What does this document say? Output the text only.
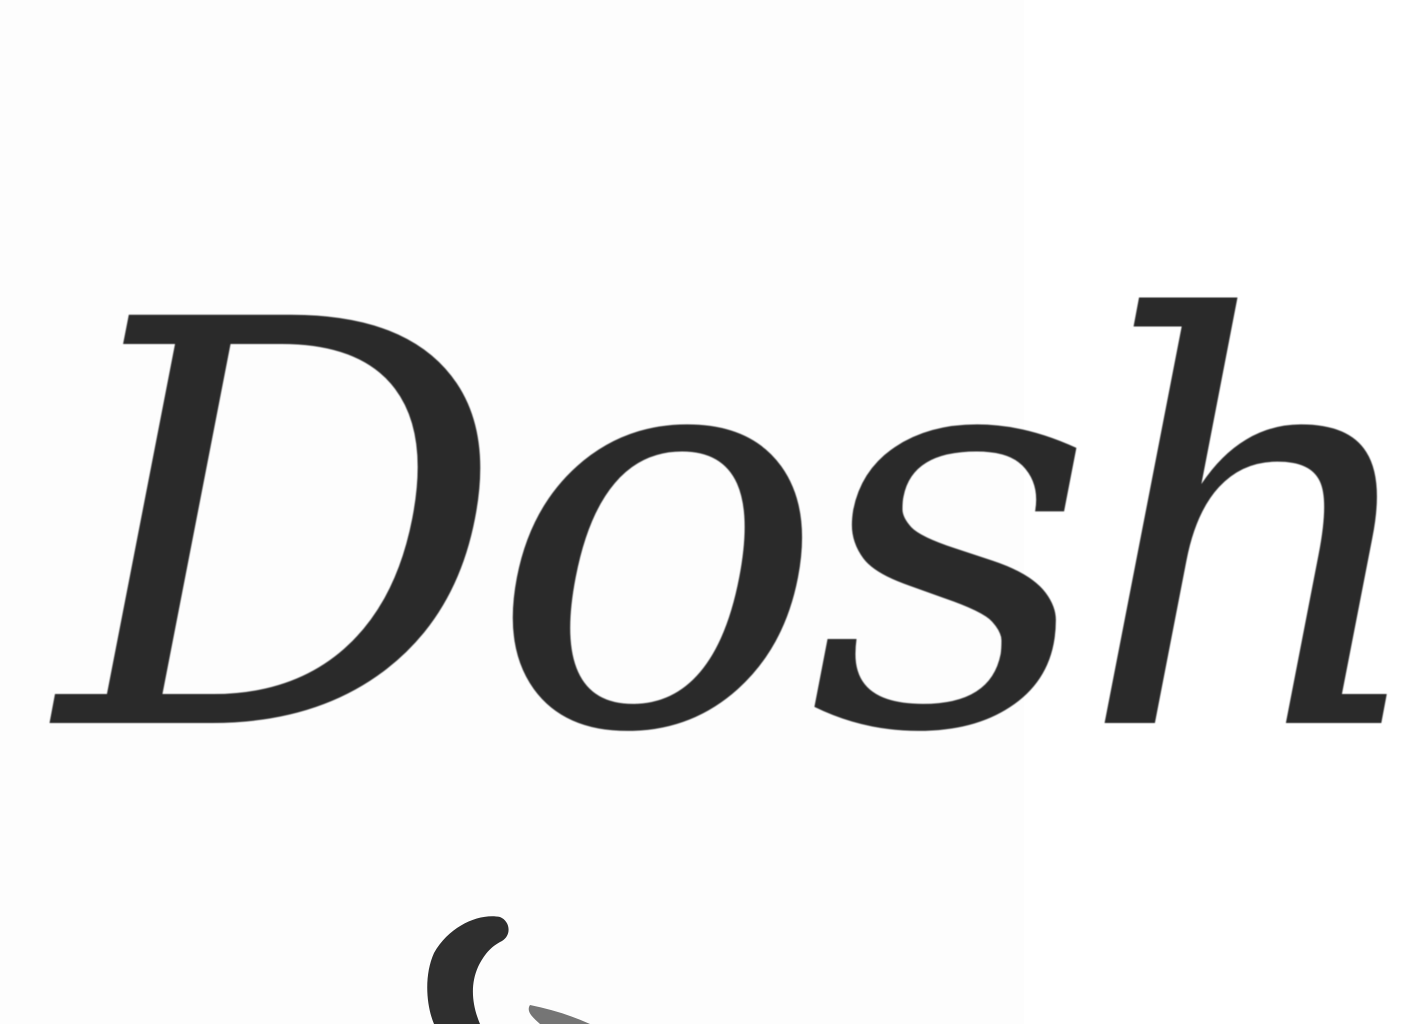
Dosh
